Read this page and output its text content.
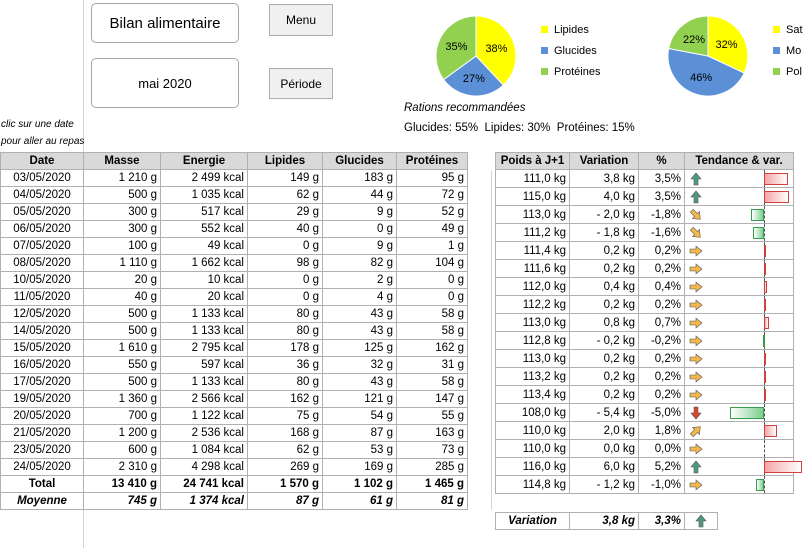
Bilan alimentaire
mai 2020
Menu
Période
clic sur une date
pour aller au repas
Rations recommandées
Glucides: 55%  Lipides: 30%  Protéines: 15%
38%
27%
35%
Lipides
Glucides
Protéines
32%
46%
22%
Sat
Mo
Pol
Date	Masse	Energie	Lipides	Glucides	Protéines
03/05/2020	1 210 g	2 499 kcal	149 g	183 g	95 g
04/05/2020	500 g	1 035 kcal	62 g	44 g	72 g
05/05/2020	300 g	517 kcal	29 g	9 g	52 g
06/05/2020	300 g	552 kcal	40 g	0 g	49 g
07/05/2020	100 g	49 kcal	0 g	9 g	1 g
08/05/2020	1 110 g	1 662 kcal	98 g	82 g	104 g
10/05/2020	20 g	10 kcal	0 g	2 g	0 g
11/05/2020	40 g	20 kcal	0 g	4 g	0 g
12/05/2020	500 g	1 133 kcal	80 g	43 g	58 g
14/05/2020	500 g	1 133 kcal	80 g	43 g	58 g
15/05/2020	1 610 g	2 795 kcal	178 g	125 g	162 g
16/05/2020	550 g	597 kcal	36 g	32 g	31 g
17/05/2020	500 g	1 133 kcal	80 g	43 g	58 g
19/05/2020	1 360 g	2 566 kcal	162 g	121 g	147 g
20/05/2020	700 g	1 122 kcal	75 g	54 g	55 g
21/05/2020	1 200 g	2 536 kcal	168 g	87 g	163 g
23/05/2020	600 g	1 084 kcal	62 g	53 g	73 g
24/05/2020	2 310 g	4 298 kcal	269 g	169 g	285 g
Total	13 410 g	24 741 kcal	1 570 g	1 102 g	1 465 g
Moyenne	745 g	1 374 kcal	87 g	61 g	81 g
Poids à J+1	Variation	%	Tendance & var.
111,0 kg	3,8 kg	3,5%	

115,0 kg	4,0 kg	3,5%	

113,0 kg	- 2,0 kg	-1,8%	

111,2 kg	- 1,8 kg	-1,6%	

111,4 kg	0,2 kg	0,2%	

111,6 kg	0,2 kg	0,2%	

112,0 kg	0,4 kg	0,4%	

112,2 kg	0,2 kg	0,2%	

113,0 kg	0,8 kg	0,7%	

112,8 kg	- 0,2 kg	-0,2%	

113,0 kg	0,2 kg	0,2%	

113,2 kg	0,2 kg	0,2%	

113,4 kg	0,2 kg	0,2%	

108,0 kg	- 5,4 kg	-5,0%	

110,0 kg	2,0 kg	1,8%	

110,0 kg	0,0 kg	0,0%	

116,0 kg	6,0 kg	5,2%	

114,8 kg	- 1,2 kg	-1,0%	
Variation	3,8 kg	3,3%	
